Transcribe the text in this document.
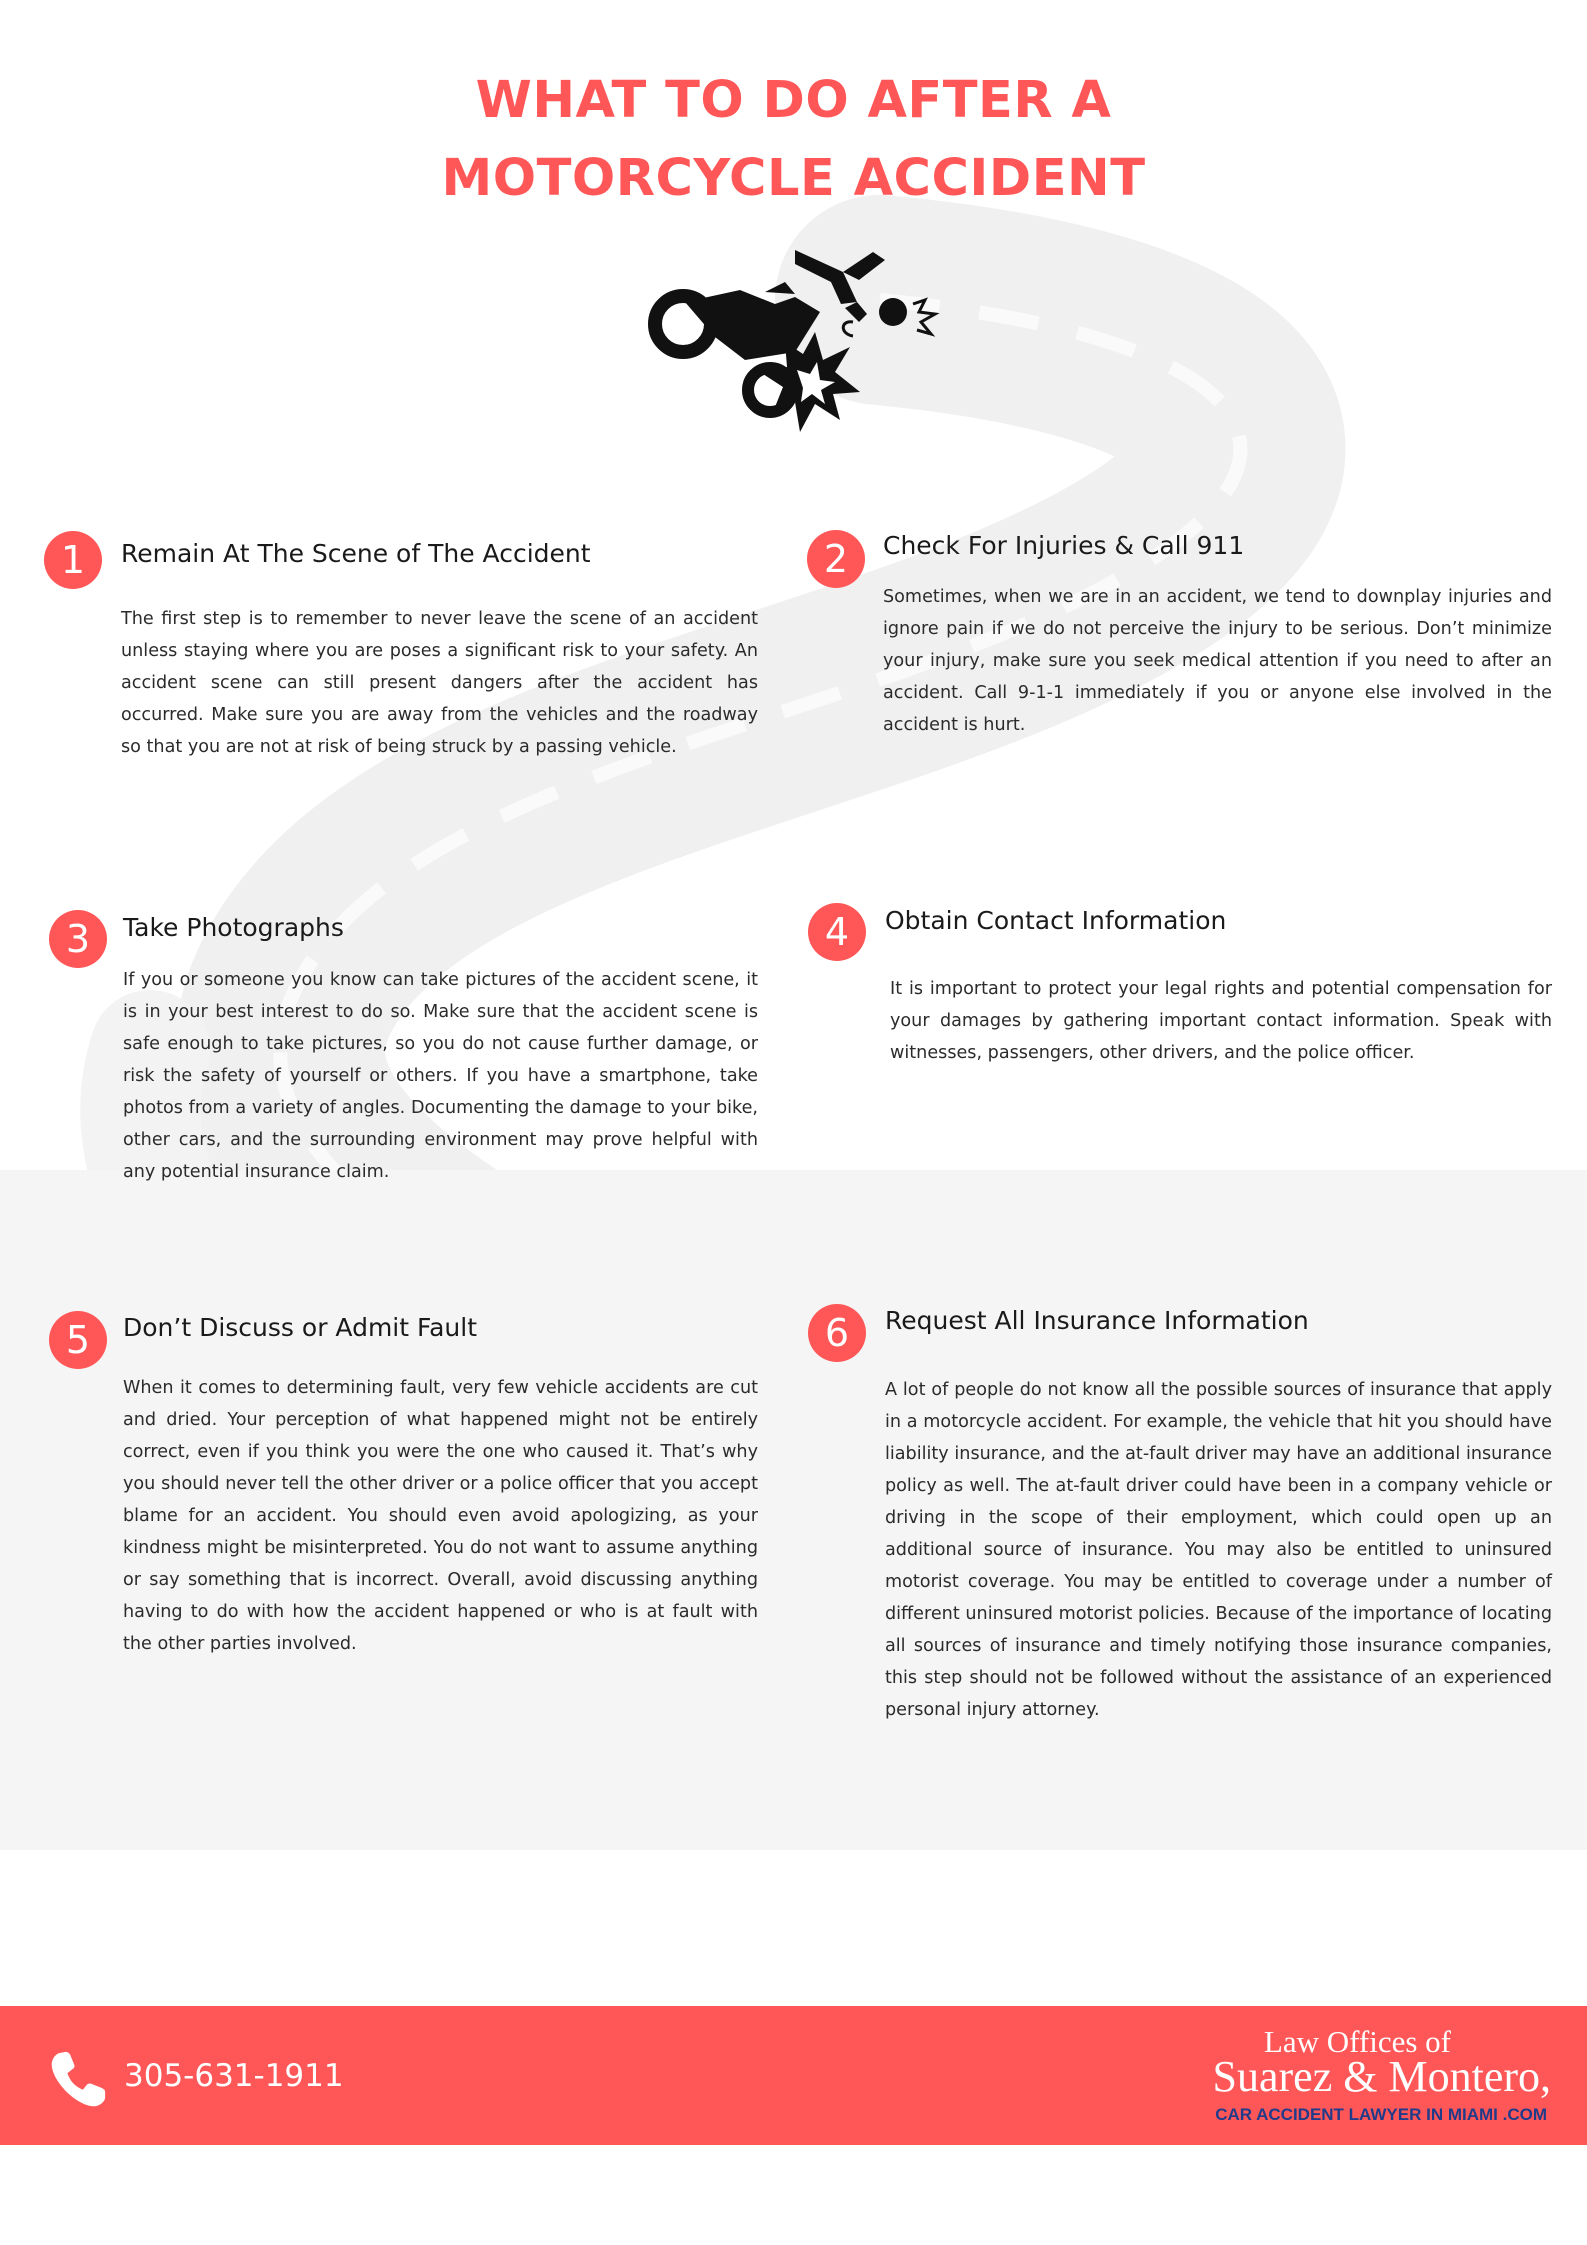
WHAT TO DO AFTER A
MOTORCYCLE ACCIDENT
1	Remain At The Scene of The Accident
The first step is to remember to never leave the scene of an accident unless staying where you are poses a significant risk to your safety. An accident scene can still present dangers after the accident has occurred. Make sure you are away from the vehicles and the roadway so that you are not at risk of being struck by a passing vehicle.
2	Check For Injuries & Call 911
Sometimes, when we are in an accident, we tend to downplay injuries and ignore pain if we do not perceive the injury to be serious. Don’t minimize your injury, make sure you seek medical attention if you need to after an accident. Call 9-1-1 immediately if you or anyone else involved in the accident is hurt.
3	Take Photographs
If you or someone you know can take pictures of the accident scene, it is in your best interest to do so. Make sure that the accident scene is safe enough to take pictures, so you do not cause further damage, or risk the safety of yourself or others. If you have a smartphone, take photos from a variety of angles. Documenting the damage to your bike, other cars, and the surrounding environment may prove helpful with any potential insurance claim.
4	Obtain Contact Information
It is important to protect your legal rights and potential compensation for your damages by gathering important contact information. Speak with witnesses, passengers, other drivers, and the police officer.
5	Don’t Discuss or Admit Fault
When it comes to determining fault, very few vehicle accidents are cut and dried. Your perception of what happened might not be entirely correct, even if you think you were the one who caused it. That’s why you should never tell the other driver or a police officer that you accept blame for an accident. You should even avoid apologizing, as your kindness might be misinterpreted. You do not want to assume anything or say something that is incorrect. Overall, avoid discussing anything having to do with how the accident happened or who is at fault with the other parties involved.
6	Request All Insurance Information
A lot of people do not know all the possible sources of insurance that apply in a motorcycle accident. For example, the vehicle that hit you should have liability insurance, and the at-fault driver may have an additional insurance policy as well. The at-fault driver could have been in a company vehicle or driving in the scope of their employment, which could open up an additional source of insurance. You may also be entitled to uninsured motorist coverage. You may be entitled to coverage under a number of different uninsured motorist policies. Because of the importance of locating all sources of insurance and timely notifying those insurance companies, this step should not be followed without the assistance of an experienced personal injury attorney.
305-631-1911
Law Offices of
Suarez & Montero,
CAR ACCIDENT LAWYER IN MIAMI .COM
